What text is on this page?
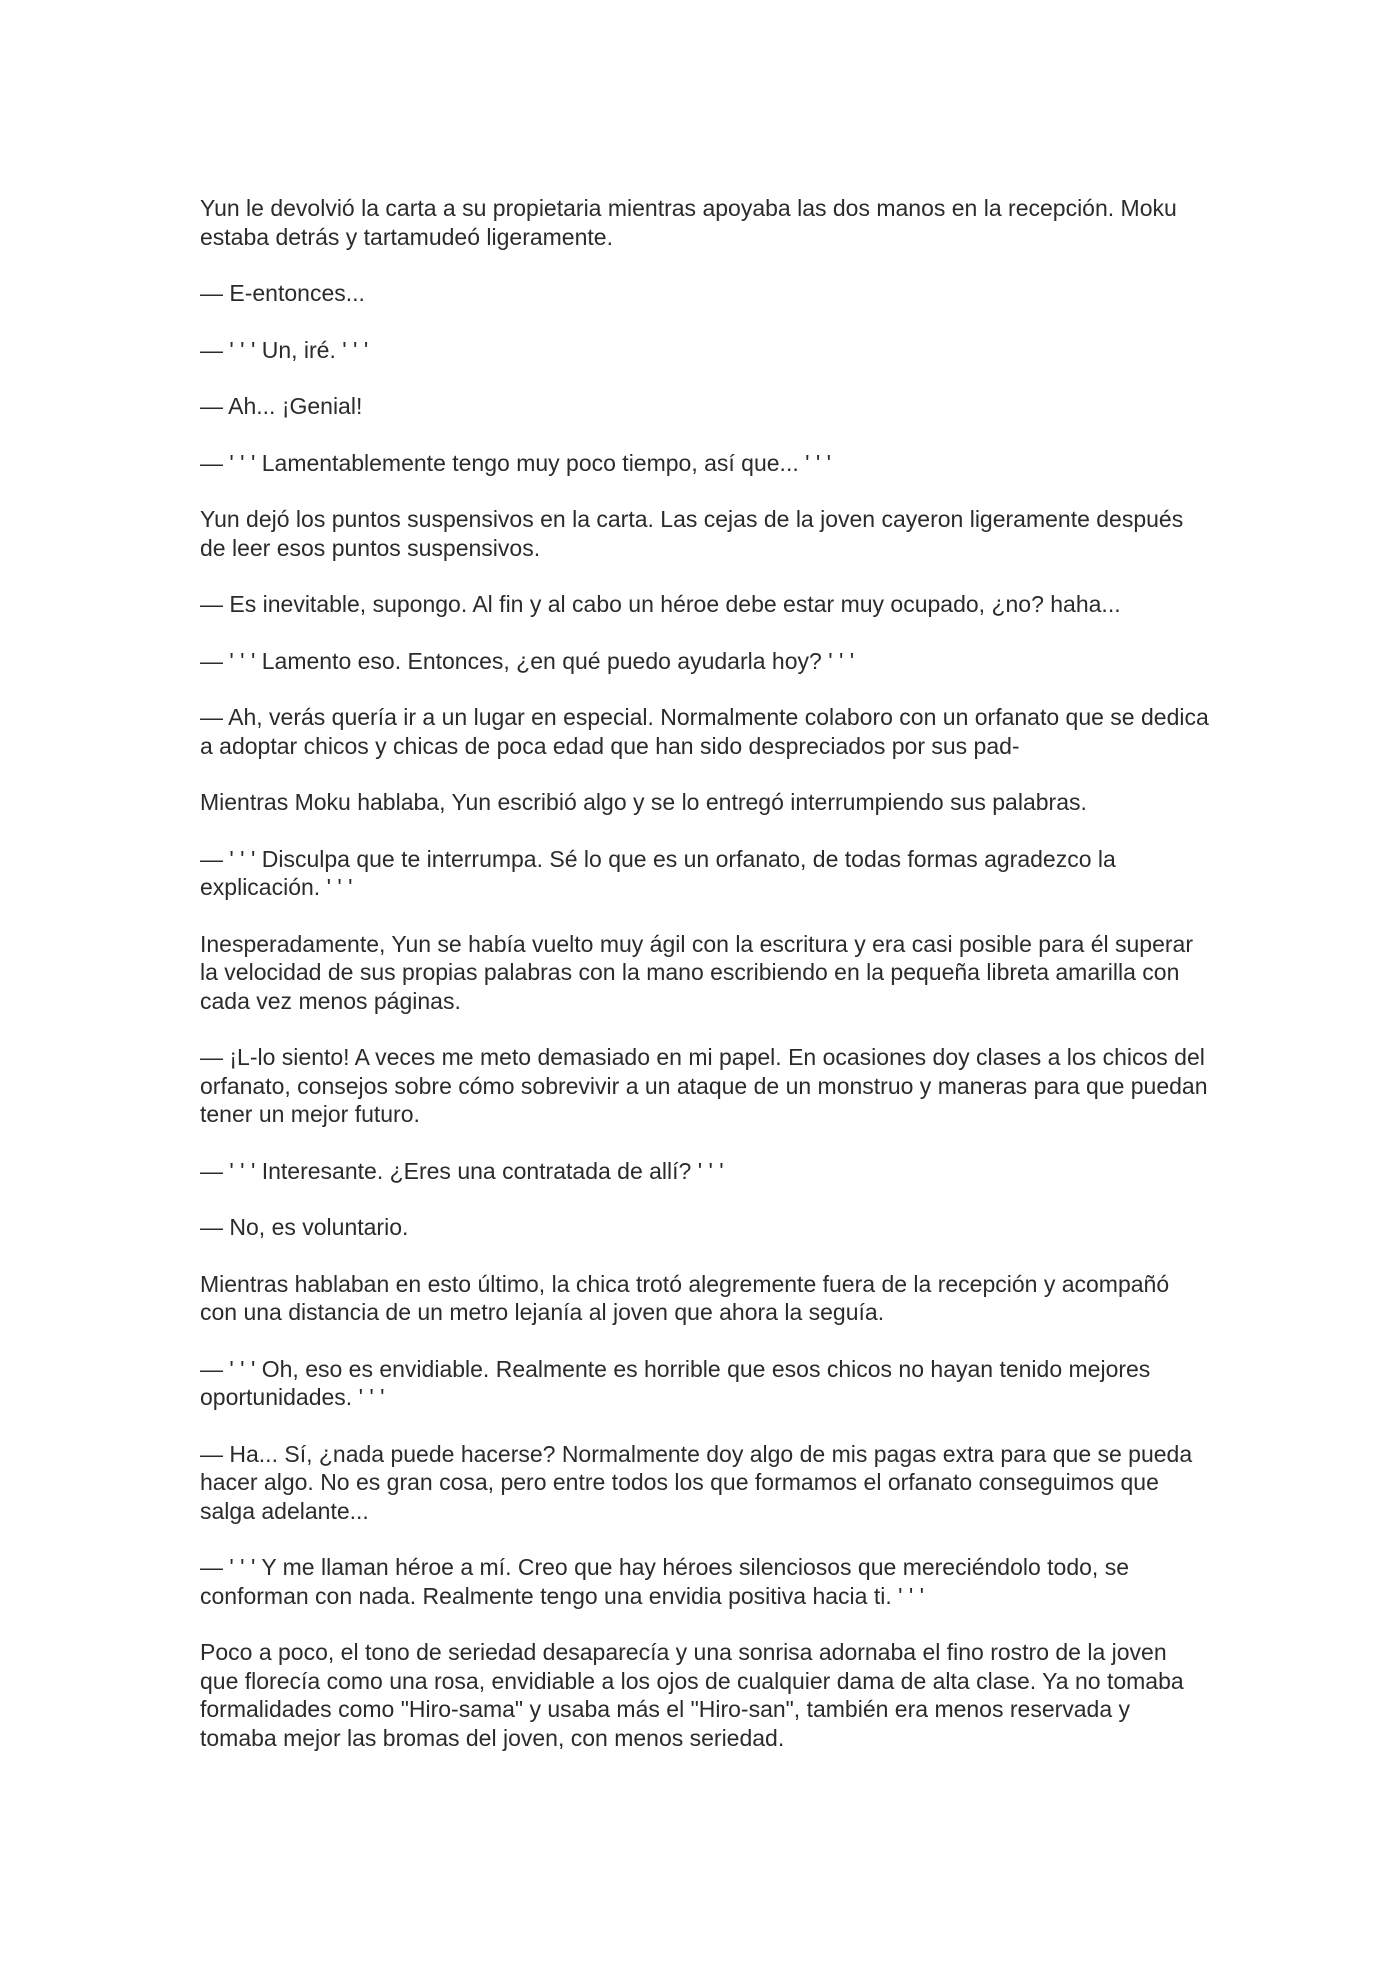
Yun le devolvió la carta a su propietaria mientras apoyaba las dos manos en la recepción. Moku estaba detrás y tartamudeó ligeramente.

— E-entonces...

— ' ' ' Un, iré. ' ' '

— Ah... ¡Genial!

— ' ' ' Lamentablemente tengo muy poco tiempo, así que... ' ' '

Yun dejó los puntos suspensivos en la carta. Las cejas de la joven cayeron ligeramente después de leer esos puntos suspensivos.

— Es inevitable, supongo. Al fin y al cabo un héroe debe estar muy ocupado, ¿no? haha...

— ' ' ' Lamento eso. Entonces, ¿en qué puedo ayudarla hoy? ' ' '

— Ah, verás quería ir a un lugar en especial. Normalmente colaboro con un orfanato que se dedica a adoptar chicos y chicas de poca edad que han sido despreciados por sus pad-

Mientras Moku hablaba, Yun escribió algo y se lo entregó interrumpiendo sus palabras.

— ' ' ' Disculpa que te interrumpa. Sé lo que es un orfanato, de todas formas agradezco la explicación. ' ' '

Inesperadamente, Yun se había vuelto muy ágil con la escritura y era casi posible para él superar la velocidad de sus propias palabras con la mano escribiendo en la pequeña libreta amarilla con cada vez menos páginas.

— ¡L-lo siento! A veces me meto demasiado en mi papel. En ocasiones doy clases a los chicos del orfanato, consejos sobre cómo sobrevivir a un ataque de un monstruo y maneras para que puedan tener un mejor futuro.

— ' ' ' Interesante. ¿Eres una contratada de allí? ' ' '

— No, es voluntario.

Mientras hablaban en esto último, la chica trotó alegremente fuera de la recepción y acompañó con una distancia de un metro lejanía al joven que ahora la seguía.

— ' ' ' Oh, eso es envidiable. Realmente es horrible que esos chicos no hayan tenido mejores oportunidades. ' ' '

— Ha... Sí, ¿nada puede hacerse? Normalmente doy algo de mis pagas extra para que se pueda hacer algo. No es gran cosa, pero entre todos los que formamos el orfanato conseguimos que salga adelante...

— ' ' ' Y me llaman héroe a mí. Creo que hay héroes silenciosos que mereciéndolo todo, se conforman con nada. Realmente tengo una envidia positiva hacia ti. ' ' '

Poco a poco, el tono de seriedad desaparecía y una sonrisa adornaba el fino rostro de la joven que florecía como una rosa, envidiable a los ojos de cualquier dama de alta clase. Ya no tomaba formalidades como "Hiro-sama" y usaba más el "Hiro-san", también era menos reservada y tomaba mejor las bromas del joven, con menos seriedad.
